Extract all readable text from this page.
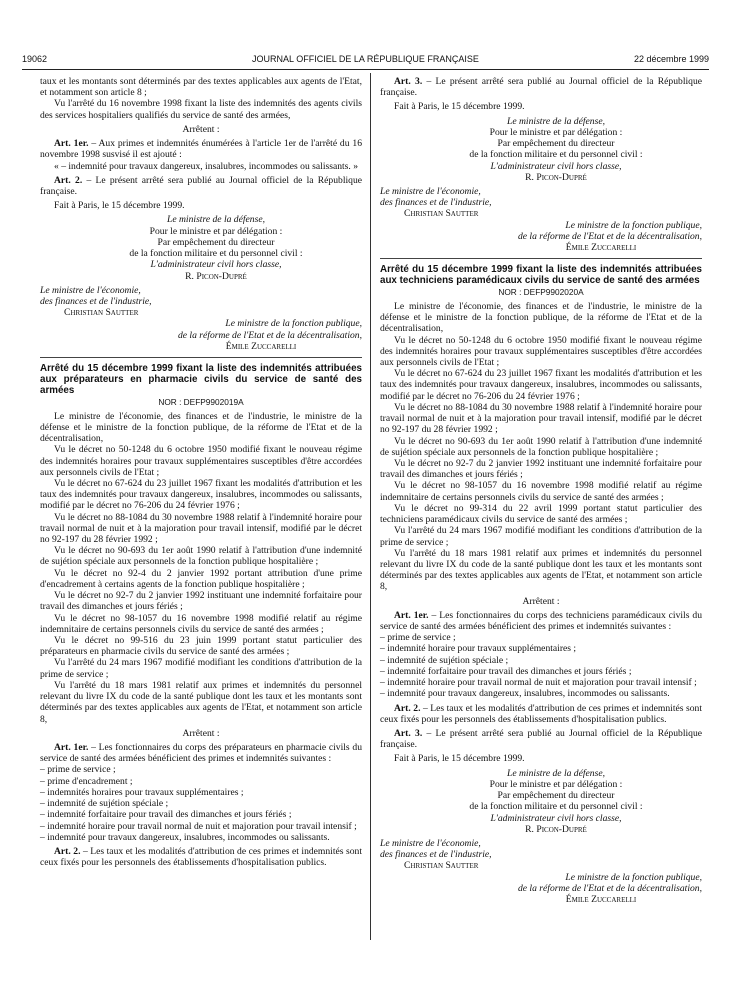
19062	JOURNAL OFFICIEL DE LA RÉPUBLIQUE FRANÇAISE	22 décembre 1999

taux et les montants sont déterminés par des textes applicables aux agents de l'Etat, et notamment son article 8 ;

Vu l'arrêté du 16 novembre 1998 fixant la liste des indemnités des agents civils des services hospitaliers qualifiés du service de santé des armées,

Arrêtent :

Art. 1er. – Aux primes et indemnités énumérées à l'article 1er de l'arrêté du 16 novembre 1998 susvisé il est ajouté :

« – indemnité pour travaux dangereux, insalubres, incommodes ou salissants. »

Art. 2. – Le présent arrêté sera publié au Journal officiel de la République française.

Fait à Paris, le 15 décembre 1999.

Le ministre de la défense,

Pour le ministre et par délégation :

Par empêchement du directeur

de la fonction militaire et du personnel civil :

L'administrateur civil hors classe,

R. Picon-Dupré

Le ministre de l'économie,

des finances et de l'industrie,

Christian Sautter

Le ministre de la fonction publique,

de la réforme de l'Etat et de la décentralisation,

Émile Zuccarelli

Arrêté du 15 décembre 1999 fixant la liste des indemnités attribuées aux préparateurs en pharmacie civils du service de santé des armées

NOR : DEFP9902019A

Le ministre de l'économie, des finances et de l'industrie, le ministre de la défense et le ministre de la fonction publique, de la réforme de l'Etat et de la décentralisation,

Vu le décret no 50-1248 du 6 octobre 1950 modifié fixant le nouveau régime des indemnités horaires pour travaux supplémentaires susceptibles d'être accordées aux personnels civils de l'Etat ;

Vu le décret no 67-624 du 23 juillet 1967 fixant les modalités d'attribution et les taux des indemnités pour travaux dangereux, insalubres, incommodes ou salissants, modifié par le décret no 76-206 du 24 février 1976 ;

Vu le décret no 88-1084 du 30 novembre 1988 relatif à l'indemnité horaire pour travail normal de nuit et à la majoration pour travail intensif, modifié par le décret no 92-197 du 28 février 1992 ;

Vu le décret no 90-693 du 1er août 1990 relatif à l'attribution d'une indemnité de sujétion spéciale aux personnels de la fonction publique hospitalière ;

Vu le décret no 92-4 du 2 janvier 1992 portant attribution d'une prime d'encadrement à certains agents de la fonction publique hospitalière ;

Vu le décret no 92-7 du 2 janvier 1992 instituant une indemnité forfaitaire pour travail des dimanches et jours fériés ;

Vu le décret no 98-1057 du 16 novembre 1998 modifié relatif au régime indemnitaire de certains personnels civils du service de santé des armées ;

Vu le décret no 99-516 du 23 juin 1999 portant statut particulier des préparateurs en pharmacie civils du service de santé des armées ;

Vu l'arrêté du 24 mars 1967 modifié modifiant les conditions d'attribution de la prime de service ;

Vu l'arrêté du 18 mars 1981 relatif aux primes et indemnités du personnel relevant du livre IX du code de la santé publique dont les taux et les montants sont déterminés par des textes applicables aux agents de l'Etat, et notamment son article 8,

Arrêtent :

Art. 1er. – Les fonctionnaires du corps des préparateurs en pharmacie civils du service de santé des armées bénéficient des primes et indemnités suivantes :

– prime de service ;

– prime d'encadrement ;

– indemnités horaires pour travaux supplémentaires ;

– indemnité de sujétion spéciale ;

– indemnité forfaitaire pour travail des dimanches et jours fériés ;

– indemnité horaire pour travail normal de nuit et majoration pour travail intensif ;

– indemnité pour travaux dangereux, insalubres, incommodes ou salissants.

Art. 2. – Les taux et les modalités d'attribution de ces primes et indemnités sont ceux fixés pour les personnels des établissements d'hospitalisation publics.

Art. 3. – Le présent arrêté sera publié au Journal officiel de la République française.

Fait à Paris, le 15 décembre 1999.

Le ministre de la défense,

Pour le ministre et par délégation :

Par empêchement du directeur

de la fonction militaire et du personnel civil :

L'administrateur civil hors classe,

R. Picon-Dupré

Le ministre de l'économie,

des finances et de l'industrie,

Christian Sautter

Le ministre de la fonction publique,

de la réforme de l'Etat et de la décentralisation,

Émile Zuccarelli

Arrêté du 15 décembre 1999 fixant la liste des indemnités attribuées aux techniciens paramédicaux civils du service de santé des armées

NOR : DEFP9902020A

Le ministre de l'économie, des finances et de l'industrie, le ministre de la défense et le ministre de la fonction publique, de la réforme de l'Etat et de la décentralisation,

Vu le décret no 50-1248 du 6 octobre 1950 modifié fixant le nouveau régime des indemnités horaires pour travaux supplémentaires susceptibles d'être accordées aux personnels civils de l'Etat ;

Vu le décret no 67-624 du 23 juillet 1967 fixant les modalités d'attribution et les taux des indemnités pour travaux dangereux, insalubres, incommodes ou salissants, modifié par le décret no 76-206 du 24 février 1976 ;

Vu le décret no 88-1084 du 30 novembre 1988 relatif à l'indemnité horaire pour travail normal de nuit et à la majoration pour travail intensif, modifié par le décret no 92-197 du 28 février 1992 ;

Vu le décret no 90-693 du 1er août 1990 relatif à l'attribution d'une indemnité de sujétion spéciale aux personnels de la fonction publique hospitalière ;

Vu le décret no 92-7 du 2 janvier 1992 instituant une indemnité forfaitaire pour travail des dimanches et jours fériés ;

Vu le décret no 98-1057 du 16 novembre 1998 modifié relatif au régime indemnitaire de certains personnels civils du service de santé des armées ;

Vu le décret no 99-314 du 22 avril 1999 portant statut particulier des techniciens paramédicaux civils du service de santé des armées ;

Vu l'arrêté du 24 mars 1967 modifié modifiant les conditions d'attribution de la prime de service ;

Vu l'arrêté du 18 mars 1981 relatif aux primes et indemnités du personnel relevant du livre IX du code de la santé publique dont les taux et les montants sont déterminés par des textes applicables aux agents de l'Etat, et notamment son article 8,

Arrêtent :

Art. 1er. – Les fonctionnaires du corps des techniciens paramédicaux civils du service de santé des armées bénéficient des primes et indemnités suivantes :

– prime de service ;

– indemnité horaire pour travaux supplémentaires ;

– indemnité de sujétion spéciale ;

– indemnité forfaitaire pour travail des dimanches et jours fériés ;

– indemnité horaire pour travail normal de nuit et majoration pour travail intensif ;

– indemnité pour travaux dangereux, insalubres, incommodes ou salissants.

Art. 2. – Les taux et les modalités d'attribution de ces primes et indemnités sont ceux fixés pour les personnels des établissements d'hospitalisation publics.

Art. 3. – Le présent arrêté sera publié au Journal officiel de la République française.

Fait à Paris, le 15 décembre 1999.

Le ministre de la défense,

Pour le ministre et par délégation :

Par empêchement du directeur

de la fonction militaire et du personnel civil :

L'administrateur civil hors classe,

R. Picon-Dupré

Le ministre de l'économie,

des finances et de l'industrie,

Christian Sautter

Le ministre de la fonction publique,

de la réforme de l'Etat et de la décentralisation,

Émile Zuccarelli
